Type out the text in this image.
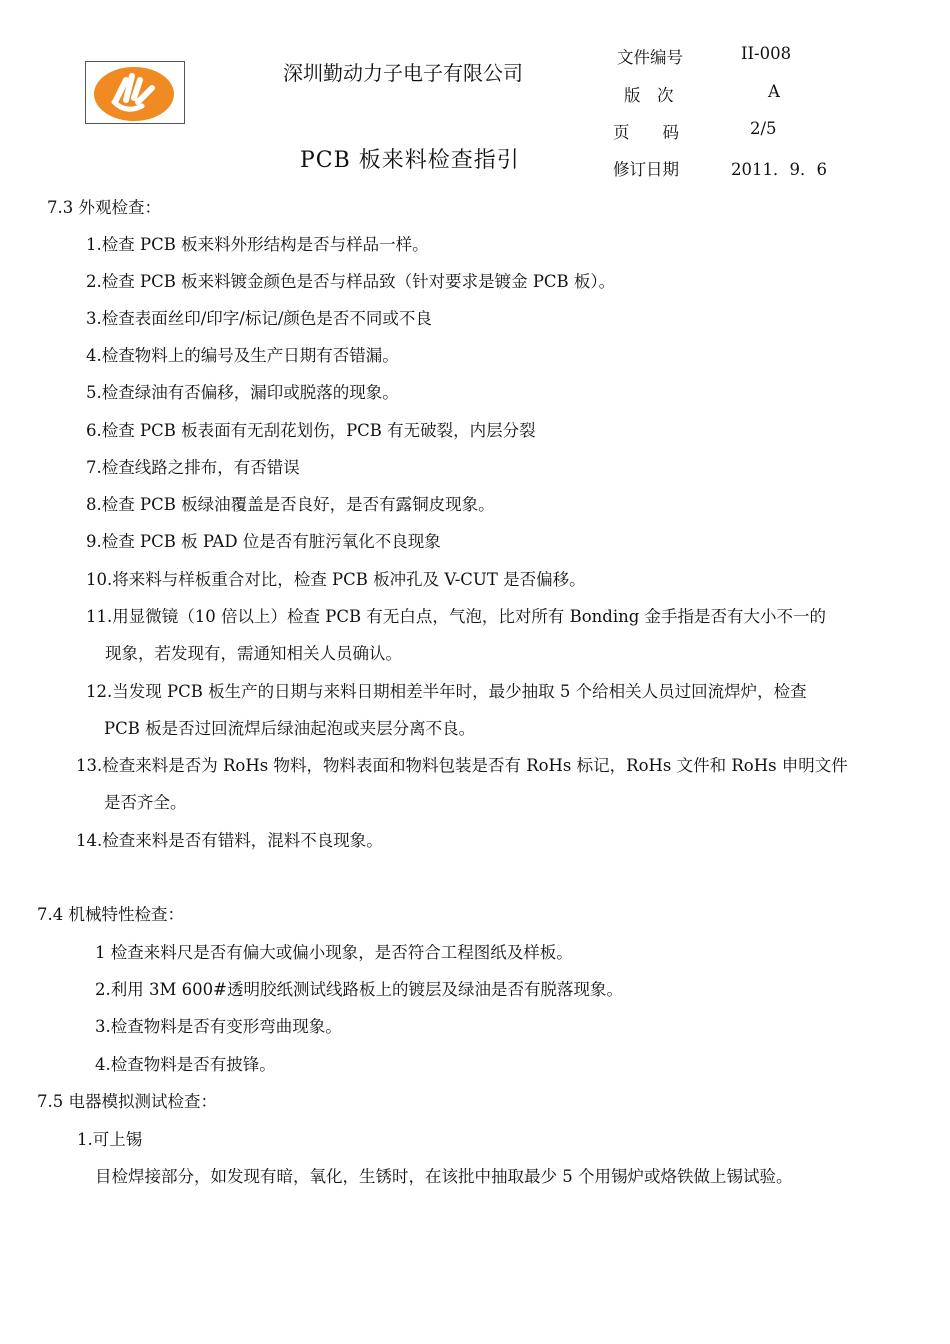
深圳勤动力子电子有限公司
PCB 板来料检查指引
文件编号	II-008
版　次	A
页　　码	2/5
修订日期	2011．9．6
7.3 外观检查：
1.检查 PCB 板来料外形结构是否与样品一样。
2.检查 PCB 板来料镀金颜色是否与样品致（针对要求是镀金 PCB 板）。
3.检查表面丝印/印字/标记/颜色是否不同或不良
4.检查物料上的编号及生产日期有否错漏。
5.检查绿油有否偏移，漏印或脱落的现象。
6.检查 PCB 板表面有无刮花划伤，PCB 有无破裂，内层分裂
7.检查线路之排布，有否错误
8.检查 PCB 板绿油覆盖是否良好，是否有露铜皮现象。
9.检查 PCB 板 PAD 位是否有脏污氧化不良现象
10.将来料与样板重合对比，检查 PCB 板冲孔及 V-CUT 是否偏移。
11.用显微镜（10 倍以上）检查 PCB 有无白点，气泡，比对所有 Bonding 金手指是否有大小不一的
现象，若发现有，需通知相关人员确认。
12.当发现 PCB 板生产的日期与来料日期相差半年时，最少抽取 5 个给相关人员过回流焊炉，检查
PCB 板是否过回流焊后绿油起泡或夹层分离不良。
13.检查来料是否为 RoHs 物料，物料表面和物料包装是否有 RoHs 标记，RoHs 文件和 RoHs 申明文件
是否齐全。
14.检查来料是否有错料，混料不良现象。
7.4 机械特性检查：
1 检查来料尺是否有偏大或偏小现象，是否符合工程图纸及样板。
2.利用 3M 600#透明胶纸测试线路板上的镀层及绿油是否有脱落现象。
3.检查物料是否有变形弯曲现象。
4.检查物料是否有披锋。
7.5 电器模拟测试检查：
1.可上锡
目检焊接部分，如发现有暗，氧化，生锈时，在该批中抽取最少 5 个用锡炉或烙铁做上锡试验。
